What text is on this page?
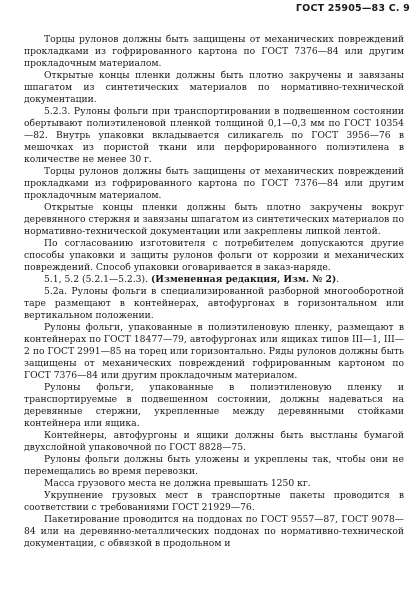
ГОСТ 25905—83 С. 9

Торцы рулонов должны быть защищены от механических повреждений прокладками из гофрированного картона по ГОСТ 7376—84 или другим прокладочным материалом.

Открытые концы пленки должны быть плотно закручены и завязаны шпагатом из синтетических материалов по нормативно-технической документации.

5.2.3. Рулоны фольги при транспортировании в подвешенном состоянии обертывают полиэтиленовой пленкой толщиной 0,1—0,3 мм по ГОСТ 10354—82. Внутрь упаковки вкладывается силикагель по ГОСТ 3956—76 в мешочках из пористой ткани или перфорированного полиэтилена в количестве не менее 30 г.

Торцы рулонов должны быть защищены от механических повреждений прокладками из гофрированного картона по ГОСТ 7376—84 или другим прокладочным материалом.

Открытые концы пленки должны быть плотно закручены вокруг деревянного стержня и завязаны шпагатом из синтетических материалов по нормативно-технической документации или закреплены липкой лентой.

По согласованию изготовителя с потребителем допускаются другие способы упаковки и защиты рулонов фольги от коррозии и механических повреждений. Способ упаковки оговаривается в заказ-наряде.

5.1, 5.2 (5.2.1—5.2.3). (Измененная редакция, Изм. № 2).

5.2а. Рулоны фольги в специализированной разборной многооборотной таре размещают в контейнерах, автофургонах в горизонтальном или вертикальном положении.

Рулоны фольги, упакованные в полиэтиленовую пленку, размещают в контейнерах по ГОСТ 18477—79, автофургонах или ящиках типов III—1, III—2 по ГОСТ 2991—85 на торец или горизонтально. Ряды рулонов должны быть защищены от механических повреждений гофрированным картоном по ГОСТ 7376—84 или другим прокладочным материалом.

Рулоны фольги, упакованные в полиэтиленовую пленку и транспортируемые в подвешенном состоянии, должны надеваться на деревянные стержни, укрепленные между деревянными стойками контейнера или ящика.

Контейнеры, автофургоны и ящики должны быть выстланы бумагой двухслойной упаковочной по ГОСТ 8828—75.

Рулоны фольги должны быть уложены и укреплены так, чтобы они не перемещались во время перевозки.

Масса грузового места не должна превышать 1250 кг.

Укрупнение грузовых мест в транспортные пакеты проводится в соответствии с требованиями ГОСТ 21929—76.

Пакетирование проводится на поддонах по ГОСТ 9557—87, ГОСТ 9078—84 или на деревянно-металлических поддонах по нормативно-технической документации, с обвязкой в продольном и
